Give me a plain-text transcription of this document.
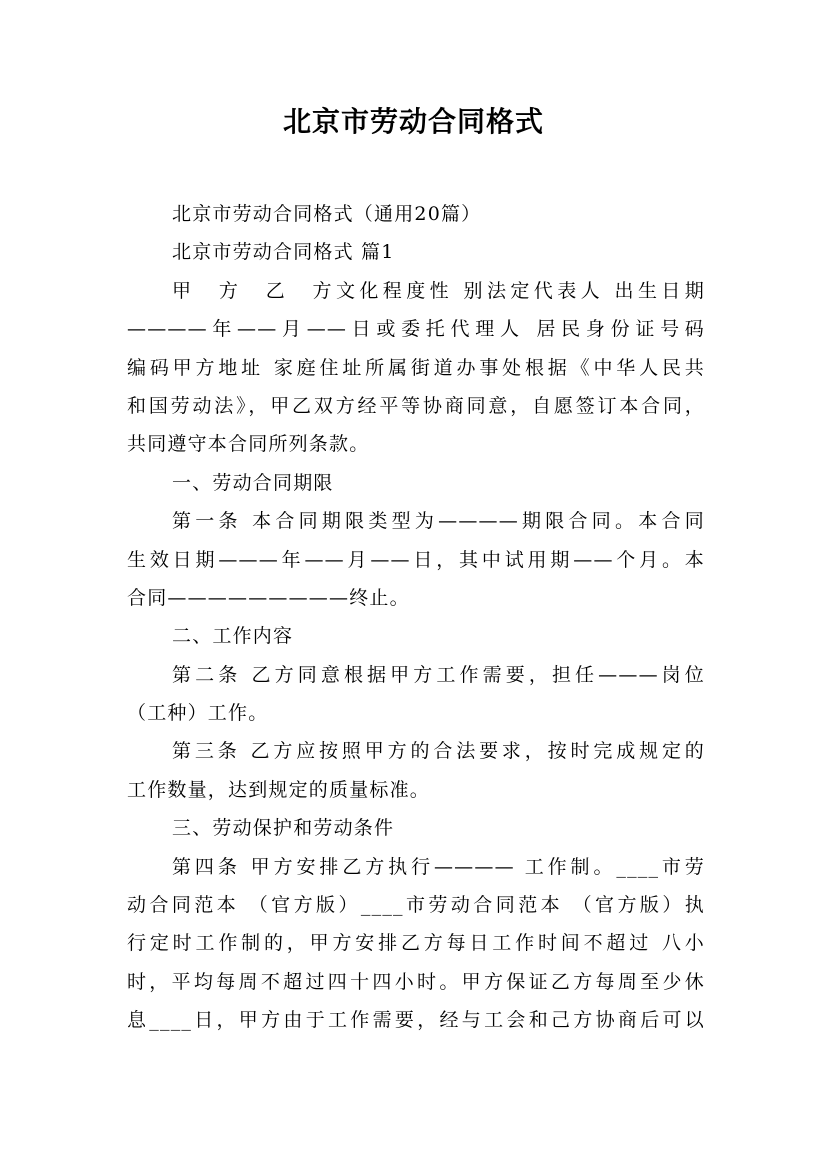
北京市劳动合同格式
北京市劳动合同格式（通用20篇）
北京市劳动合同格式 篇1
甲　方　乙　方文化程度性 别法定代表人 出生日期
————年——月——日或委托代理人 居民身份证号码
编码甲方地址 家庭住址所属街道办事处根据《中华人民共
和国劳动法》，甲乙双方经平等协商同意，自愿签订本合同，
共同遵守本合同所列条款。
一、劳动合同期限
第一条 本合同期限类型为————期限合同。本合同
生效日期———年——月——日，其中试用期——个月。本
合同—————————终止。
二、工作内容
第二条 乙方同意根据甲方工作需要，担任———岗位
（工种）工作。
第三条 乙方应按照甲方的合法要求，按时完成规定的
工作数量，达到规定的质量标准。
三、劳动保护和劳动条件
第四条 甲方安排乙方执行———— 工作制。____市劳
动合同范本 （官方版）____市劳动合同范本 （官方版）执
行定时工作制的，甲方安排乙方每日工作时间不超过 八小
时，平均每周不超过四十四小时。甲方保证乙方每周至少休
息____日，甲方由于工作需要，经与工会和己方协商后可以
